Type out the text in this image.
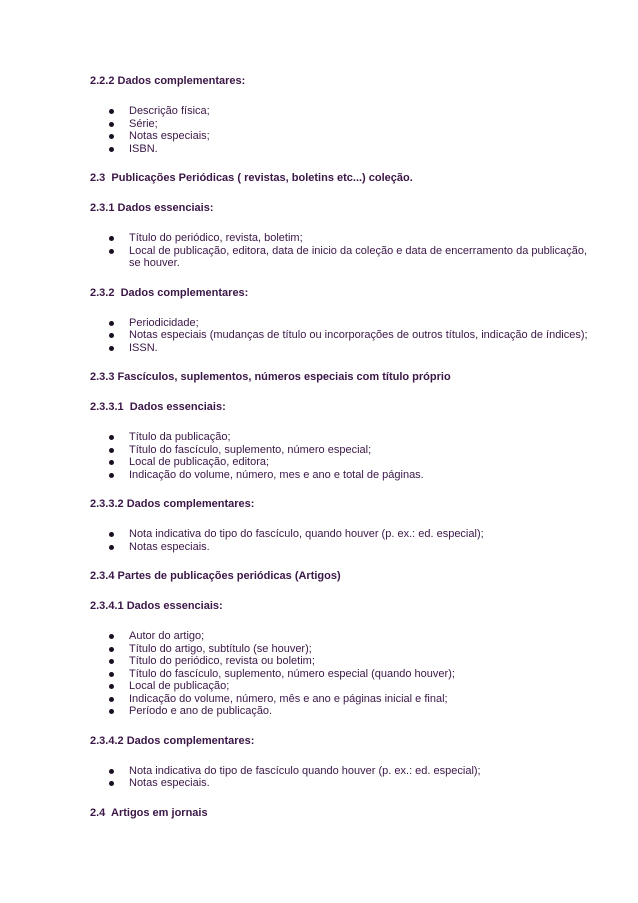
2.2.2 Dados complementares:

Descrição física;
Série;
Notas especiais;
ISBN.

2.3  Publicações Periódicas ( revistas, boletins etc...) coleção.

2.3.1 Dados essenciais:

Título do periódico, revista, boletim;
Local de publicação, editora, data de inicio da coleção e data de encerramento da publicação, se houver.

2.3.2  Dados complementares:

Periodicidade;
Notas especiais (mudanças de título ou incorporações de outros títulos, indicação de índices);
ISSN.

2.3.3 Fascículos, suplementos, números especiais com título próprio

2.3.3.1  Dados essenciais:

Título da publicação;
Título do fascículo, suplemento, número especial;
Local de publicação, editora;
Indicação do volume, número, mes e ano e total de páginas.

2.3.3.2 Dados complementares:

Nota indicativa do tipo do fascículo, quando houver (p. ex.: ed. especial);
Notas especiais.

2.3.4 Partes de publicações periódicas (Artigos)

2.3.4.1 Dados essenciais:

Autor do artigo;
Título do artigo, subtítulo (se houver);
Título do periódico, revista ou boletim;
Título do fascículo, suplemento, número especial (quando houver);
Local de publicação;
Indicação do volume, número, mês e ano e páginas inicial e final;
Período e ano de publicação.

2.3.4.2 Dados complementares:

Nota indicativa do tipo de fascículo quando houver (p. ex.: ed. especial);
Notas especiais.

2.4  Artigos em jornais
